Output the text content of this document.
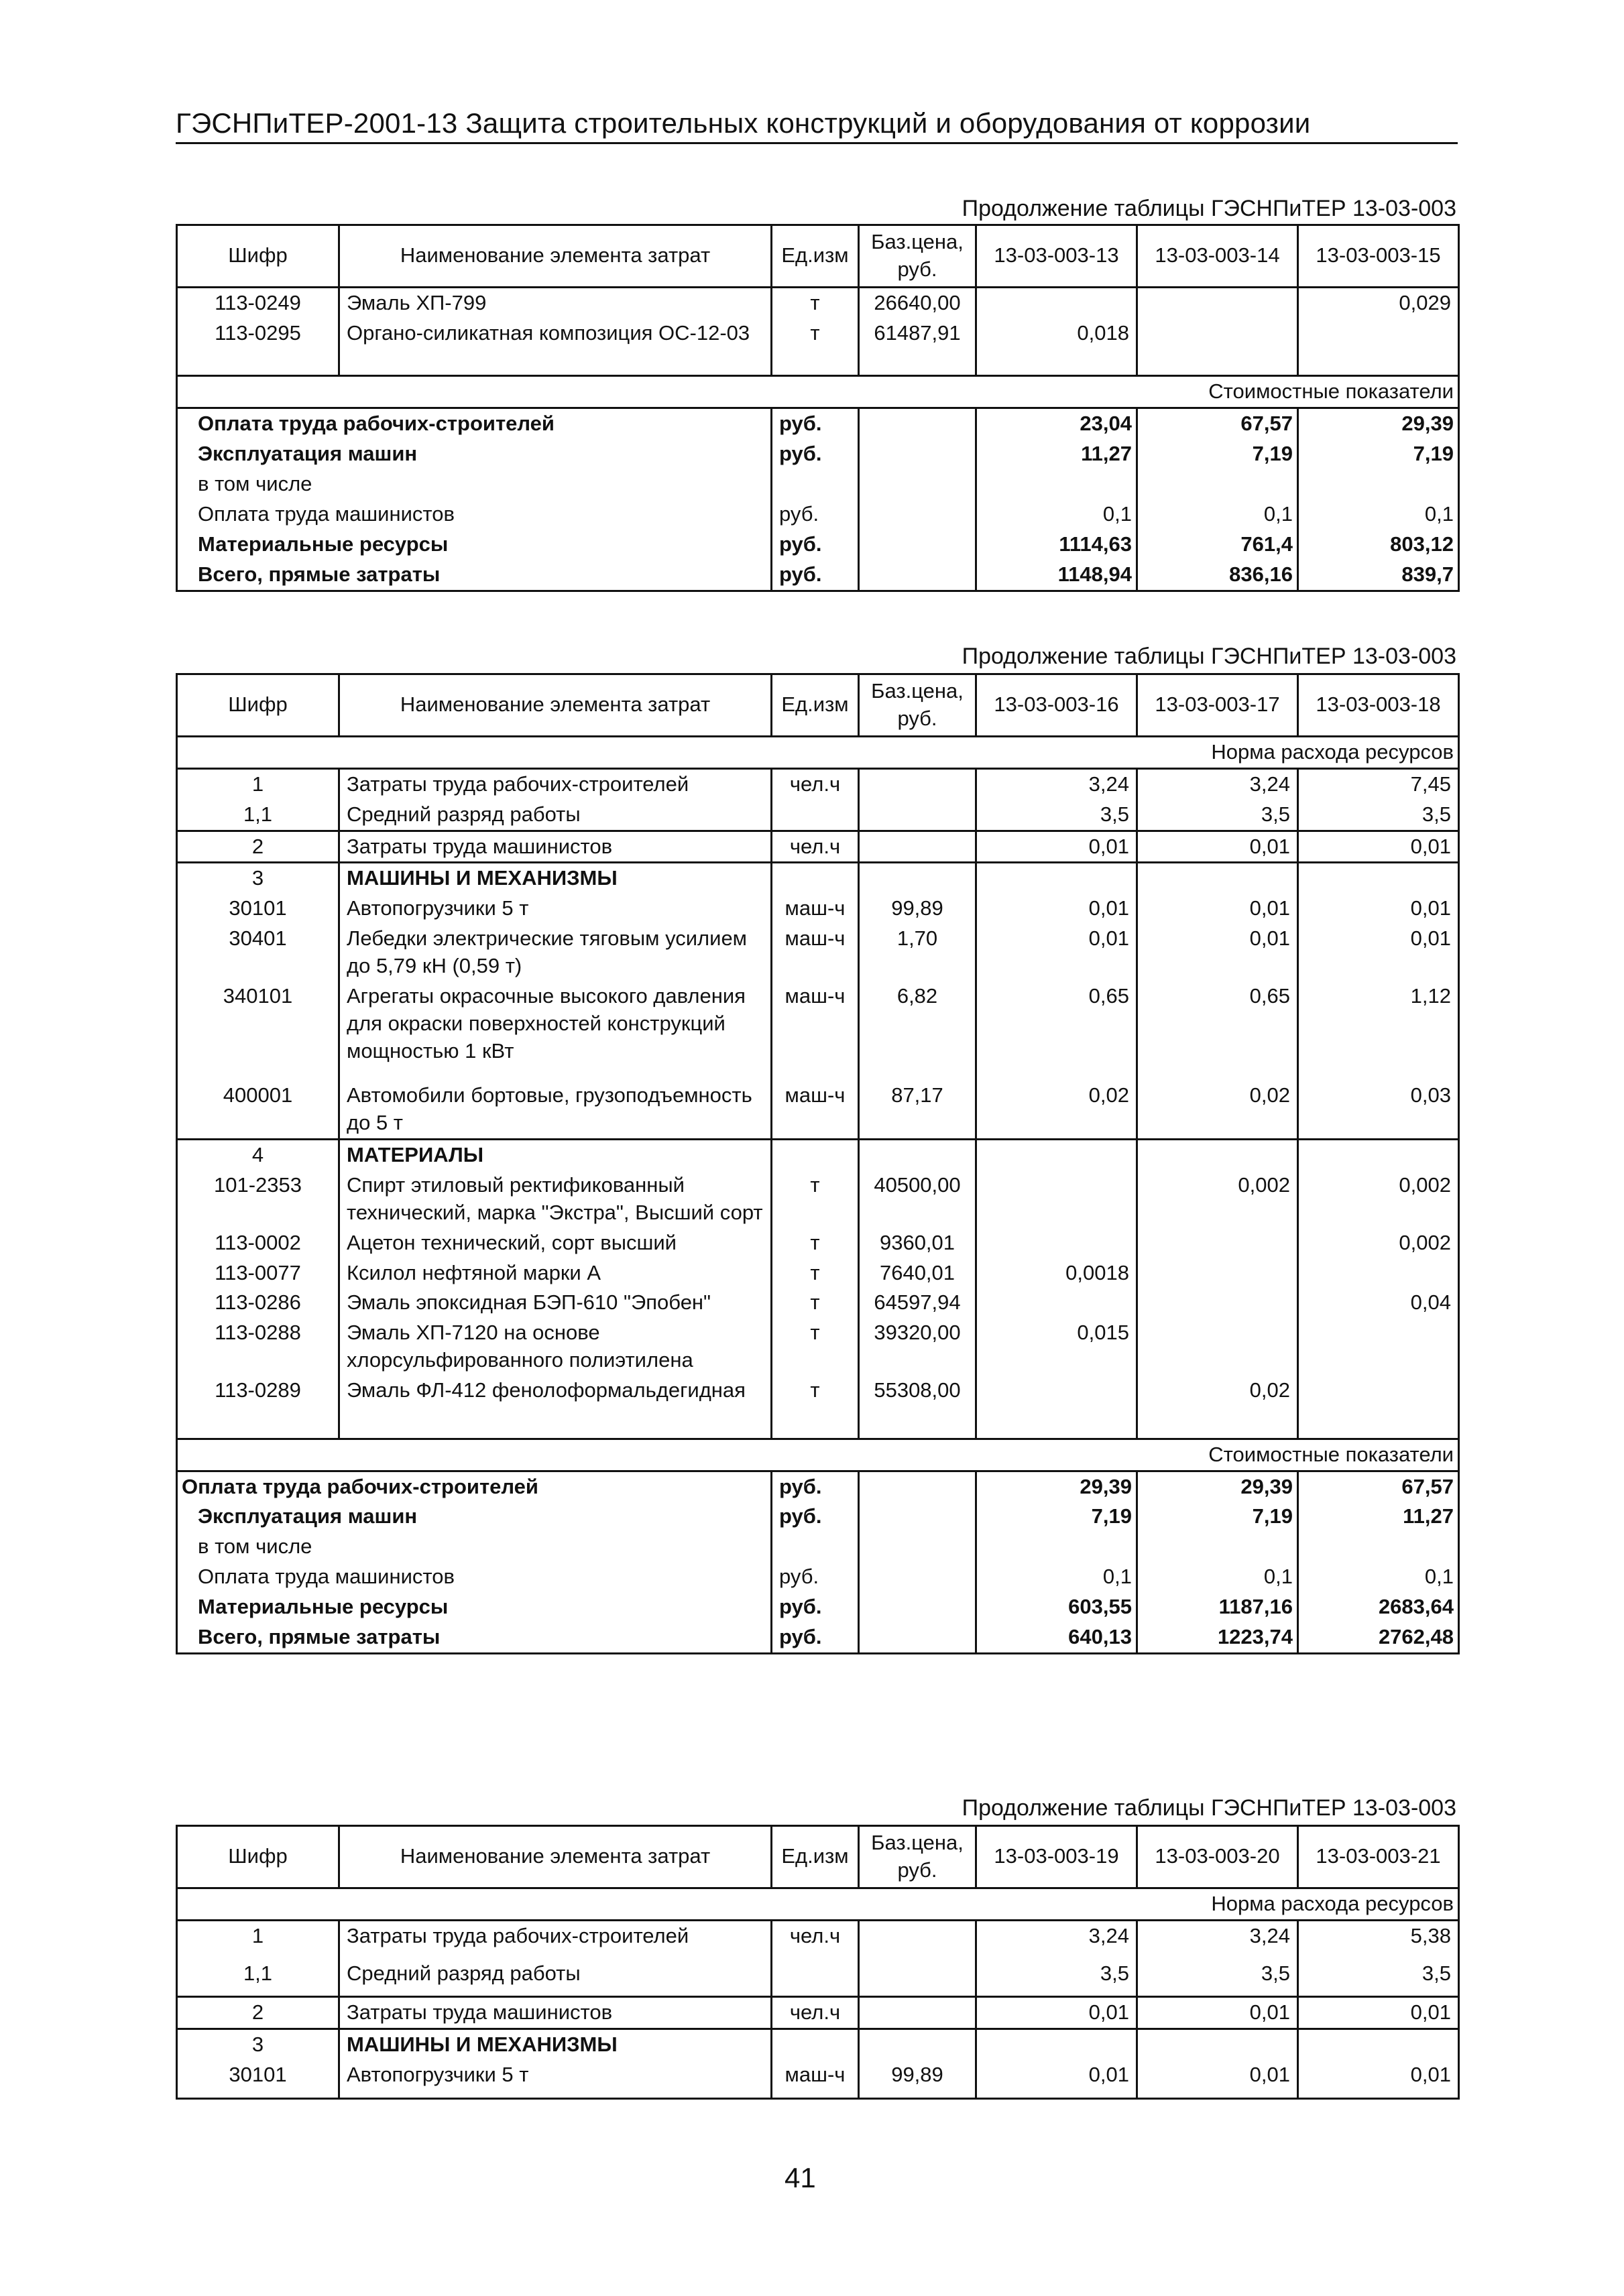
ГЭСНПиТЕР-2001-13 Защита строительных конструкций и оборудования от коррозии
Продолжение таблицы ГЭСНПиТЕР 13-03-003
Шифр	Наименование элемента затрат	Ед.изм	Баз.цена, руб.	13-03-003-13	13-03-003-14	13-03-003-15
113-0249	Эмаль ХП-799	т	26640,00			0,029
113-0295	Органо-силикатная композиция ОС-12-03	т	61487,91	0,018		
Стоимостные показатели						
Оплата труда рабочих-строителей		руб.		23,04	67,57	29,39
Эксплуатация машин		руб.		11,27	7,19	7,19
в том числе						
Оплата труда машинистов		руб.		0,1	0,1	0,1
Материальные ресурсы		руб.		1114,63	761,4	803,12
Всего, прямые затраты		руб.		1148,94	836,16	839,7
Продолжение таблицы ГЭСНПиТЕР 13-03-003
Шифр	Наименование элемента затрат	Ед.изм	Баз.цена, руб.	13-03-003-16	13-03-003-17	13-03-003-18
Норма расхода ресурсов						
1	Затраты труда рабочих-строителей	чел.ч		3,24	3,24	7,45
1,1	Средний разряд работы			3,5	3,5	3,5
2	Затраты труда машинистов	чел.ч		0,01	0,01	0,01
3	МАШИНЫ И МЕХАНИЗМЫ					
30101	Автопогрузчики 5 т	маш-ч	99,89	0,01	0,01	0,01
30401	Лебедки электрические тяговым усилием до 5,79 кН (0,59 т)	маш-ч	1,70	0,01	0,01	0,01
340101	Агрегаты окрасочные высокого давления для окраски поверхностей конструкций мощностью 1 кВт	маш-ч	6,82	0,65	0,65	1,12
400001	Автомобили бортовые, грузоподъемность до 5 т	маш-ч	87,17	0,02	0,02	0,03
4	МАТЕРИАЛЫ					
101-2353	Спирт этиловый ректификованный технический, марка "Экстра", Высший сорт	т	40500,00		0,002	0,002
113-0002	Ацетон технический, сорт высший	т	9360,01			0,002
113-0077	Ксилол нефтяной марки А	т	7640,01	0,0018		
113-0286	Эмаль эпоксидная БЭП-610 "Эпобен"	т	64597,94			0,04
113-0288	Эмаль ХП-7120 на основе хлорсульфированного полиэтилена	т	39320,00	0,015		
113-0289	Эмаль ФЛ-412 фенолоформальдегидная	т	55308,00		0,02	
Стоимостные показатели						
Оплата труда рабочих-строителей		руб.		29,39	29,39	67,57
Эксплуатация машин		руб.		7,19	7,19	11,27
в том числе						
Оплата труда машинистов		руб.		0,1	0,1	0,1
Материальные ресурсы		руб.		603,55	1187,16	2683,64
Всего, прямые затраты		руб.		640,13	1223,74	2762,48
Продолжение таблицы ГЭСНПиТЕР 13-03-003
Шифр	Наименование элемента затрат	Ед.изм	Баз.цена, руб.	13-03-003-19	13-03-003-20	13-03-003-21
Норма расхода ресурсов						
1	Затраты труда рабочих-строителей	чел.ч		3,24	3,24	5,38
1,1	Средний разряд работы			3,5	3,5	3,5
2	Затраты труда машинистов	чел.ч		0,01	0,01	0,01
3	МАШИНЫ И МЕХАНИЗМЫ					
30101	Автопогрузчики 5 т	маш-ч	99,89	0,01	0,01	0,01
41
